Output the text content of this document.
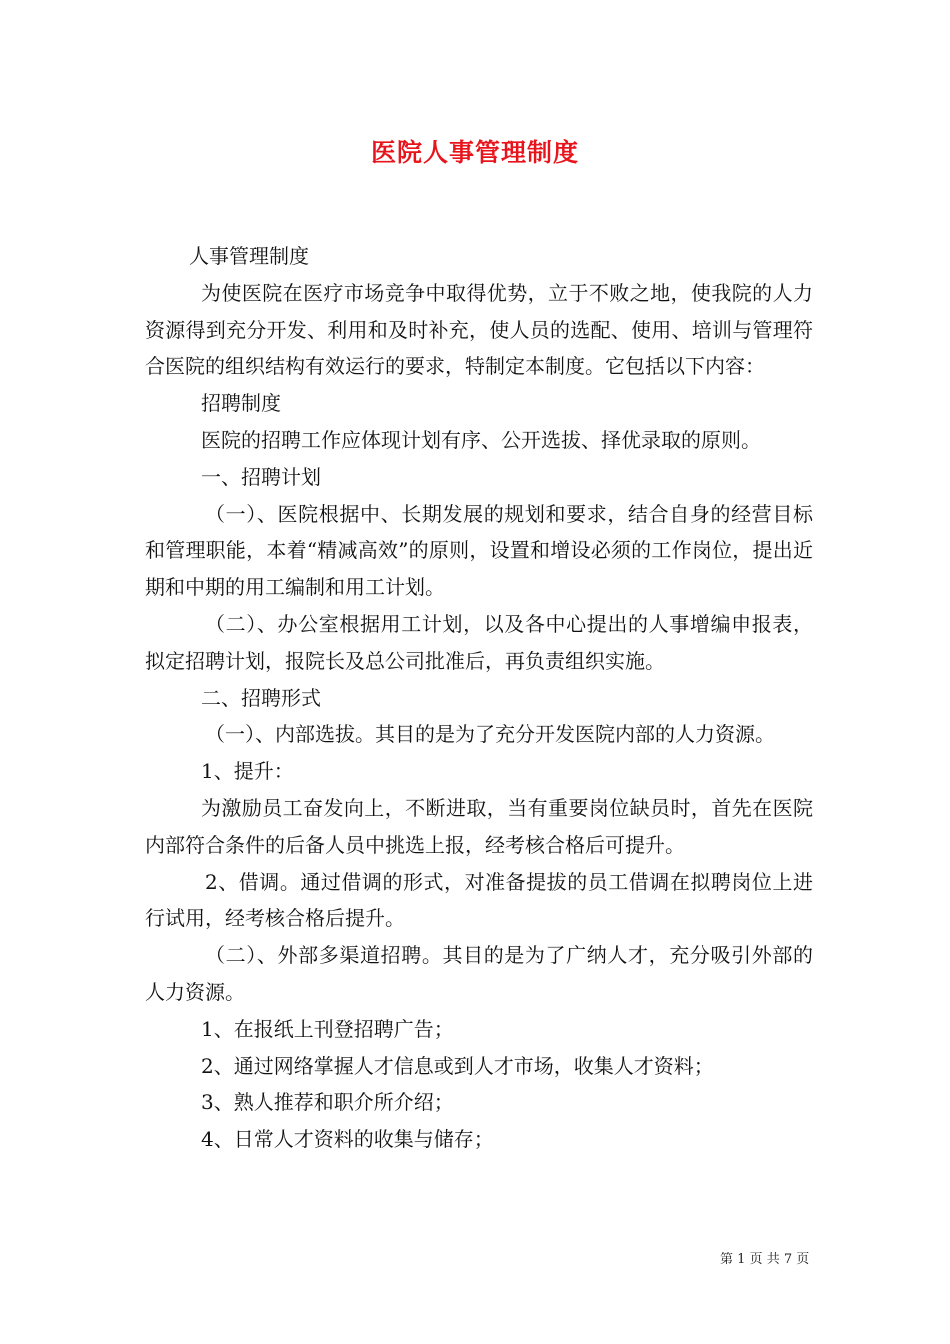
医院人事管理制度

人事管理制度

为使医院在医疗市场竞争中取得优势，立于不败之地，使我院的人力资源得到充分开发、利用和及时补充，使人员的选配、使用、培训与管理符合医院的组织结构有效运行的要求，特制定本制度。它包括以下内容：

招聘制度

医院的招聘工作应体现计划有序、公开选拔、择优录取的原则。

一、招聘计划

（一）、医院根据中、长期发展的规划和要求，结合自身的经营目标和管理职能，本着“精减高效”的原则，设置和增设必须的工作岗位，提出近期和中期的用工编制和用工计划。

（二）、办公室根据用工计划，以及各中心提出的人事增编申报表，拟定招聘计划，报院长及总公司批准后，再负责组织实施。

二、招聘形式

（一）、内部选拔。其目的是为了充分开发医院内部的人力资源。

1、提升：

为激励员工奋发向上，不断进取，当有重要岗位缺员时，首先在医院内部符合条件的后备人员中挑选上报，经考核合格后可提升。

2、借调。通过借调的形式，对准备提拔的员工借调在拟聘岗位上进行试用，经考核合格后提升。

（二）、外部多渠道招聘。其目的是为了广纳人才，充分吸引外部的人力资源。

1、在报纸上刊登招聘广告；

2、通过网络掌握人才信息或到人才市场，收集人才资料；

3、熟人推荐和职介所介绍；

4、日常人才资料的收集与储存；

第 1 页 共 7 页
